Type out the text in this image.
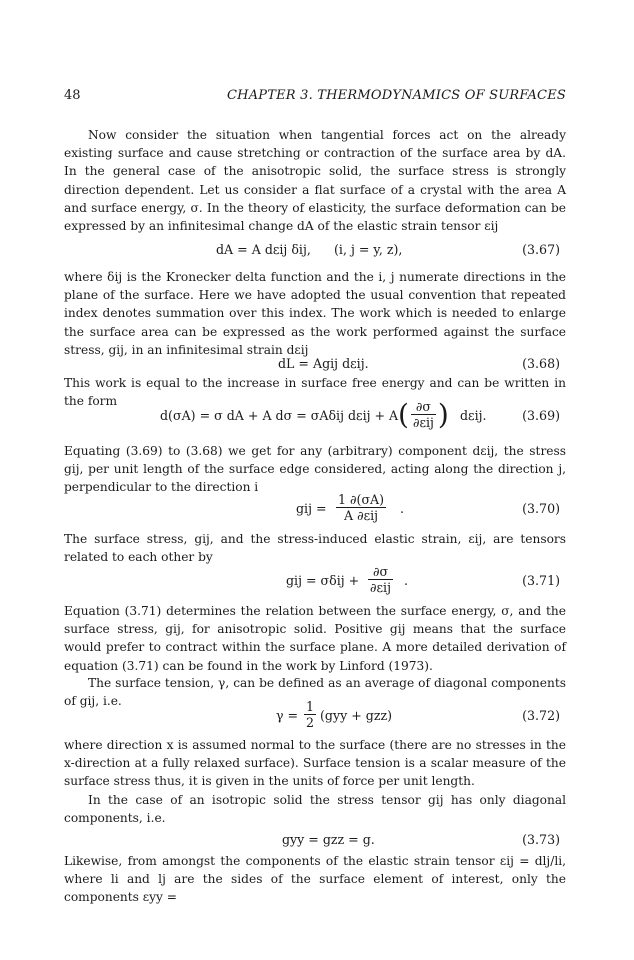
48	CHAPTER 3. THERMODYNAMICS OF SURFACES
Now consider the situation when tangential forces act on the already existing surface and cause stretching or contraction of the surface area by dA. In the general case of the anisotropic solid, the surface stress is strongly direction dependent. Let us consider a flat surface of a crystal with the area A and surface energy, σ. In the theory of elasticity, the surface deformation can be expressed by an infinitesimal change dA of the elastic strain tensor εij
dA = A dεij δij, (i, j = y, z),	(3.67)
where δij is the Kronecker delta function and the i, j numerate directions in the plane of the surface. Here we have adopted the usual convention that repeated index denotes summation over this index. The work which is needed to enlarge the surface area can be expressed as the work performed against the surface stress, gij, in an infinitesimal strain dεij
dL = Agij dεij.	(3.68)
This work is equal to the increase in surface free energy and can be written in the form
d(σA) = σ dA + A dσ = σAδij dεij + A ( $\frac{\partial\sigma}{\text{∂εij}}$ ) dεij.	(3.69)
Equating (3.69) to (3.68) we get for any (arbitrary) component dεij, the stress gij, per unit length of the surface edge considered, acting along the direction j, perpendicular to the direction i
gij = $\frac{1 \partial(\sigma A)}{\text{A ∂εij}}$ .	(3.70)
The surface stress, gij, and the stress-induced elastic strain, εij, are tensors related to each other by
gij = $\sigma\delta ij + \frac{\partial\sigma}{\text{∂εij}}$ .	(3.71)
Equation (3.71) determines the relation between the surface energy, σ, and the surface stress, gij, for anisotropic solid. Positive gij means that the surface would prefer to contract within the surface plane. A more detailed derivation of equation (3.71) can be found in the work by Linford (1973).
The surface tension, γ, can be defined as an average of diagonal components of gij, i.e.
$\gamma = \frac{1}{2} (gyy + gzz)$	(3.72)
where direction x is assumed normal to the surface (there are no stresses in the x-direction at a fully relaxed surface). Surface tension is a scalar measure of the surface stress thus, it is given in the units of force per unit length.
In the case of an isotropic solid the stress tensor gij has only diagonal components, i.e.
gyy = gzz = g.	(3.73)
Likewise, from amongst the components of the elastic strain tensor εij = dlj/li, where li and lj are the sides of the surface element of interest, only the components εyy =
